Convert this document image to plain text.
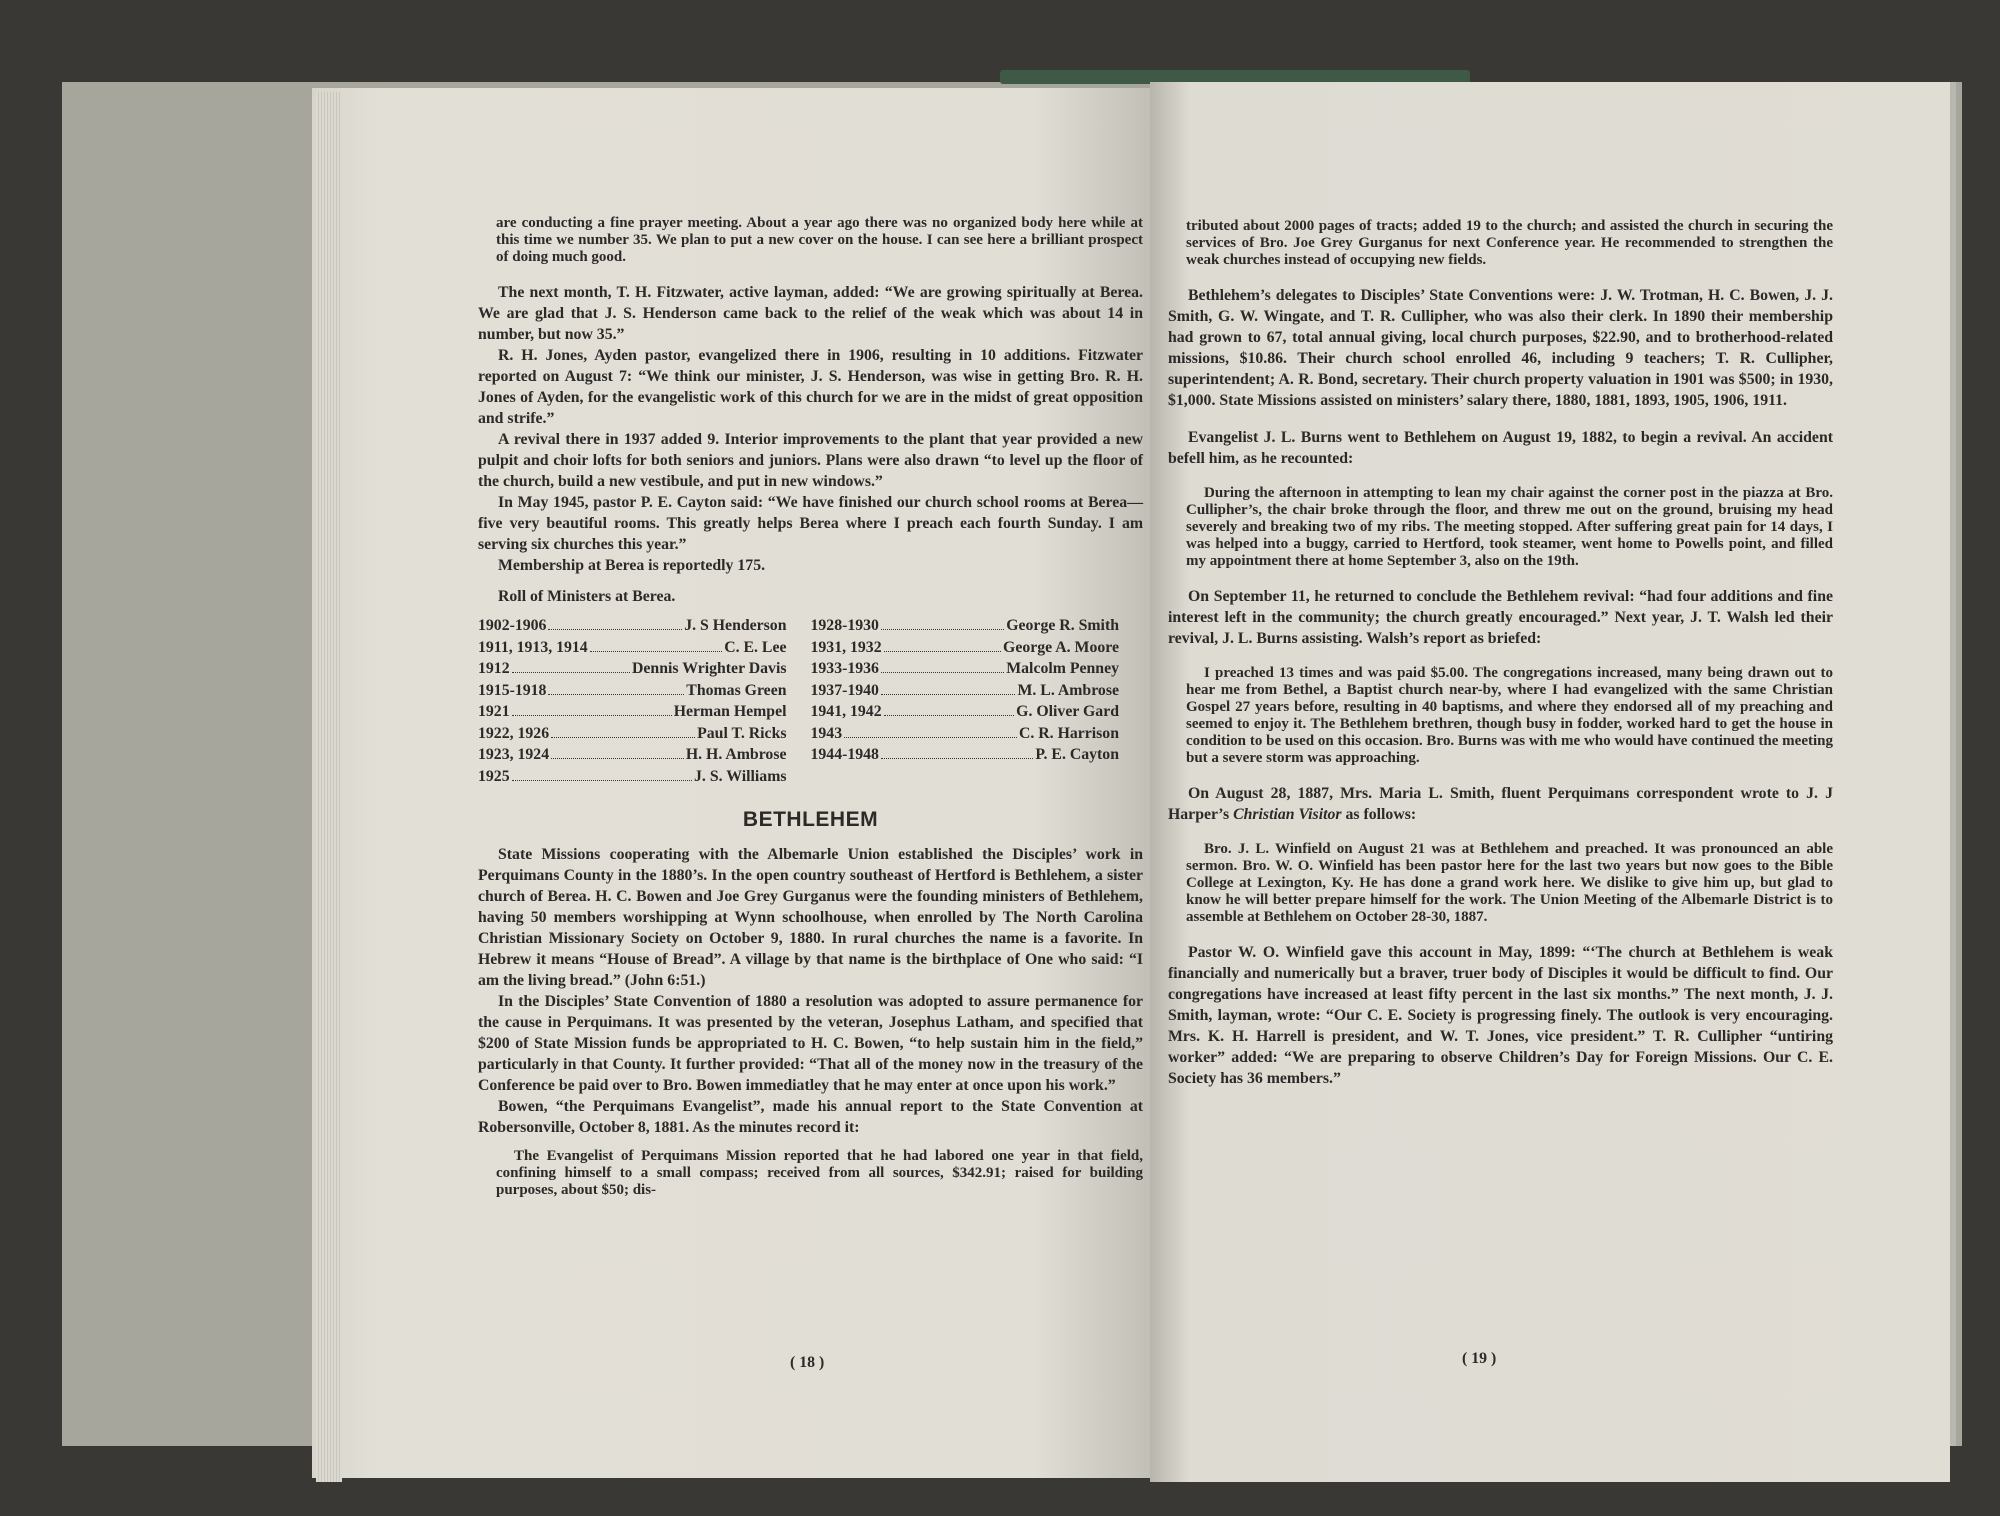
are conducting a fine prayer meeting. About a year ago there was no organized body here while at this time we number 35. We plan to put a new cover on the house. I can see here a brilliant prospect of doing much good.

The next month, T. H. Fitzwater, active layman, added: “We are growing spiritually at Berea. We are glad that J. S. Henderson came back to the relief of the weak which was about 14 in number, but now 35.”

R. H. Jones, Ayden pastor, evangelized there in 1906, resulting in 10 additions. Fitzwater reported on August 7: “We think our minister, J. S. Henderson, was wise in getting Bro. R. H. Jones of Ayden, for the evangelistic work of this church for we are in the midst of great opposition and strife.”

A revival there in 1937 added 9. Interior improvements to the plant that year provided a new pulpit and choir lofts for both seniors and juniors. Plans were also drawn “to level up the floor of the church, build a new vestibule, and put in new windows.”

In May 1945, pastor P. E. Cayton said: “We have finished our church school rooms at Berea—five very beautiful rooms. This greatly helps Berea where I preach each fourth Sunday. I am serving six churches this year.”

Membership at Berea is reportedly 175.

Roll of Ministers at Berea.

1902-1906	J. S Henderson
1911, 1913, 1914	C. E. Lee
1912	Dennis Wrighter Davis
1915-1918	Thomas Green
1921	Herman Hempel
1922, 1926	Paul T. Ricks
1923, 1924	H. H. Ambrose
1925	J. S. Williams
1928-1930	George R. Smith
1931, 1932	George A. Moore
1933-1936	Malcolm Penney
1937-1940	M. L. Ambrose
1941, 1942	G. Oliver Gard
1943	C. R. Harrison
1944-1948	P. E. Cayton
BETHLEHEM

State Missions cooperating with the Albemarle Union established the Disciples’ work in Perquimans County in the 1880’s. In the open country southeast of Hertford is Bethlehem, a sister church of Berea. H. C. Bowen and Joe Grey Gurganus were the founding ministers of Bethlehem, having 50 members worshipping at Wynn schoolhouse, when enrolled by The North Carolina Christian Missionary Society on October 9, 1880. In rural churches the name is a favorite. In Hebrew it means “House of Bread”. A village by that name is the birthplace of One who said: “I am the living bread.” (John 6:51.)

In the Disciples’ State Convention of 1880 a resolution was adopted to assure permanence for the cause in Perquimans. It was presented by the veteran, Josephus Latham, and specified that $200 of State Mission funds be appropriated to H. C. Bowen, “to help sustain him in the field,” particularly in that County. It further provided: “That all of the money now in the treasury of the Conference be paid over to Bro. Bowen immediatley that he may enter at once upon his work.”

Bowen, “the Perquimans Evangelist”, made his annual report to the State Convention at Robersonville, October 8, 1881. As the minutes record it:

The Evangelist of Perquimans Mission reported that he had labored one year in that field, confining himself to a small compass; received from all sources, $342.91; raised for building purposes, about $50; dis-

( 18 )

tributed about 2000 pages of tracts; added 19 to the church; and assisted the church in securing the services of Bro. Joe Grey Gurganus for next Conference year. He recommended to strengthen the weak churches instead of occupying new fields.

Bethlehem’s delegates to Disciples’ State Conventions were: J. W. Trotman, H. C. Bowen, J. J. Smith, G. W. Wingate, and T. R. Cullipher, who was also their clerk. In 1890 their membership had grown to 67, total annual giving, local church purposes, $22.90, and to brotherhood-related missions, $10.86. Their church school enrolled 46, including 9 teachers; T. R. Cullipher, superintendent; A. R. Bond, secretary. Their church property valuation in 1901 was $500; in 1930, $1,000. State Missions assisted on ministers’ salary there, 1880, 1881, 1893, 1905, 1906, 1911.

Evangelist J. L. Burns went to Bethlehem on August 19, 1882, to begin a revival. An accident befell him, as he recounted:

During the afternoon in attempting to lean my chair against the corner post in the piazza at Bro. Cullipher’s, the chair broke through the floor, and threw me out on the ground, bruising my head severely and breaking two of my ribs. The meeting stopped. After suffering great pain for 14 days, I was helped into a buggy, carried to Hertford, took steamer, went home to Powells point, and filled my appointment there at home September 3, also on the 19th.

On September 11, he returned to conclude the Bethlehem revival: “had four additions and fine interest left in the community; the church greatly encouraged.” Next year, J. T. Walsh led their revival, J. L. Burns assisting. Walsh’s report as briefed:

I preached 13 times and was paid $5.00. The congregations increased, many being drawn out to hear me from Bethel, a Baptist church near-by, where I had evangelized with the same Christian Gospel 27 years before, resulting in 40 baptisms, and where they endorsed all of my preaching and seemed to enjoy it. The Bethlehem brethren, though busy in fodder, worked hard to get the house in condition to be used on this occasion. Bro. Burns was with me who would have continued the meeting but a severe storm was approaching.

On August 28, 1887, Mrs. Maria L. Smith, fluent Perquimans correspondent wrote to J. J Harper’s Christian Visitor as follows:

Bro. J. L. Winfield on August 21 was at Bethlehem and preached. It was pronounced an able sermon. Bro. W. O. Winfield has been pastor here for the last two years but now goes to the Bible College at Lexington, Ky. He has done a grand work here. We dislike to give him up, but glad to know he will better prepare himself for the work. The Union Meeting of the Albemarle District is to assemble at Bethlehem on October 28-30, 1887.

Pastor W. O. Winfield gave this account in May, 1899: “‘The church at Bethlehem is weak financially and numerically but a braver, truer body of Disciples it would be difficult to find. Our congregations have increased at least fifty percent in the last six months.” The next month, J. J. Smith, layman, wrote: “Our C. E. Society is progressing finely. The outlook is very encouraging. Mrs. K. H. Harrell is president, and W. T. Jones, vice president.” T. R. Cullipher “untiring worker” added: “We are preparing to observe Children’s Day for Foreign Missions. Our C. E. Society has 36 members.”

( 19 )
